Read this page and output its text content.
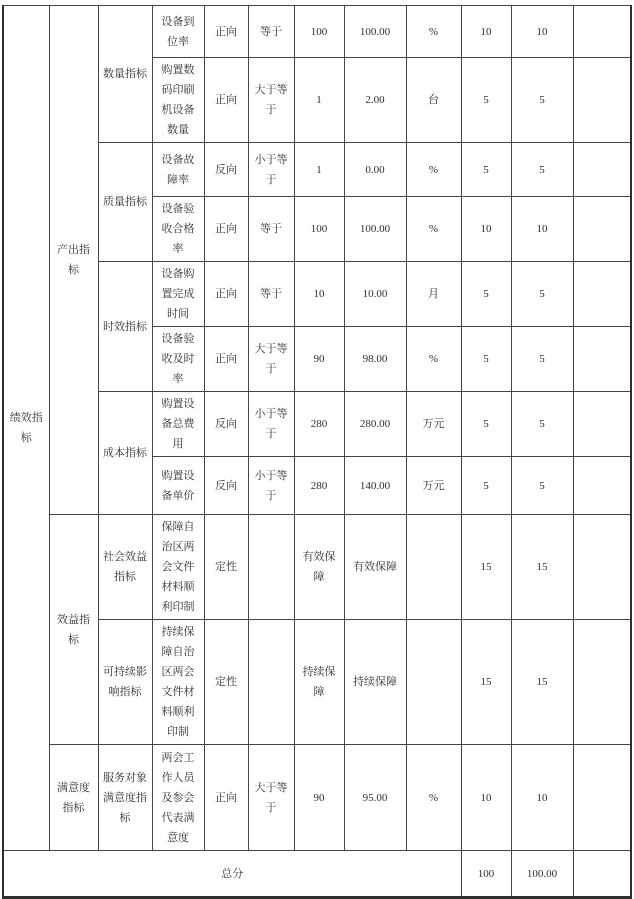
绩效指标	产出指标	数量指标	设备到位率	正向	等于	100	100.00	%	10	10	
			购置数码印刷机设备数量	正向	大于等于	1	2.00	台	5	5	
		质量指标	设备故障率	反向	小于等于	1	0.00	%	5	5	
			设备验收合格率	正向	等于	100	100.00	%	10	10	
		时效指标	设备购置完成时间	正向	等于	10	10.00	月	5	5	
			设备验收及时率	正向	大于等于	90	98.00	%	5	5	
		成本指标	购置设备总费用	反向	小于等于	280	280.00	万元	5	5	
			购置设备单价	反向	小于等于	280	140.00	万元	5	5	
	效益指标	社会效益指标	保障自治区两会文件材料顺利印制	定性		有效保障	有效保障		15	15	
		可持续影响指标	持续保障自治区两会文件材料顺利印制	定性		持续保障	持续保障		15	15	
	满意度指标	服务对象满意度指标	两会工作人员及参会代表满意度	正向	大于等于	90	95.00	%	10	10	
总分									100	100.00	
